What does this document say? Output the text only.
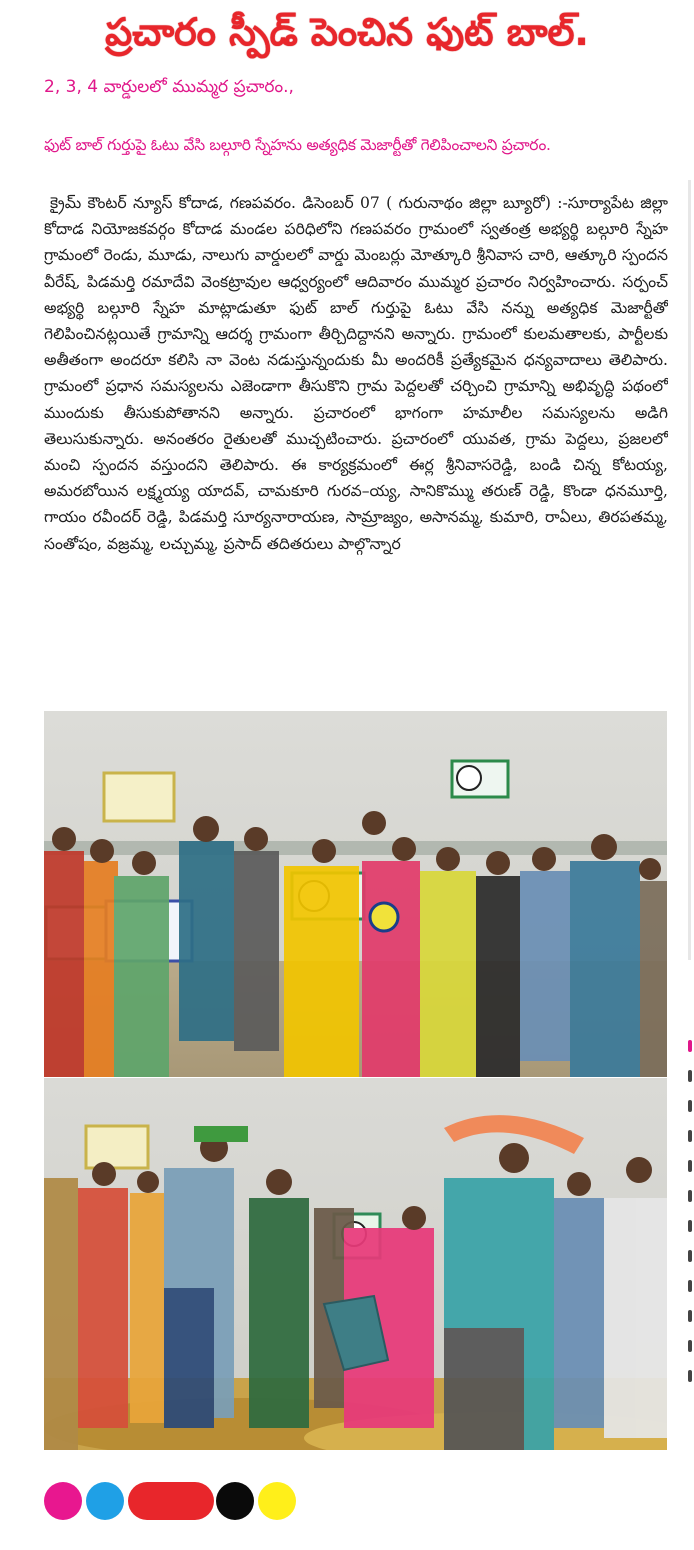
ప్రచారం స్పీడ్ పెంచిన ఫుట్ బాల్.

2, 3, 4 వార్డులలో ముమ్మర ప్రచారం.,

ఫుట్ బాల్ గుర్తుపై ఓటు వేసి బల్గూరి స్నేహను అత్యధిక మెజార్టీతో గెలిపించాలని ప్రచారం.

క్రైమ్ కౌంటర్ న్యూస్ కోదాడ, గణపవరం. డిసెంబర్ 07 ( గురునాథం జిల్లా బ్యూరో) :-సూర్యాపేట జిల్లా కోదాడ నియోజకవర్గం కోదాడ మండల పరిధిలోని గణపవరం గ్రామంలో స్వతంత్ర అభ్యర్థి బల్గూరి స్నేహ గ్రామంలో రెండు, మూడు, నాలుగు వార్డులలో వార్డు మెంబర్లు మోత్కూరి శ్రీనివాస చారి, ఆత్కూరి స్పందన వీరేష్, పిడమర్తి రమాదేవి వెంకట్రావుల ఆధ్వర్యంలో ఆదివారం ముమ్మర ప్రచారం నిర్వహించారు. సర్పంచ్ అభ్యర్థి బల్గూరి స్నేహ మాట్లాడుతూ ఫుట్ బాల్ గుర్తుపై ఓటు వేసి నన్ను అత్యధిక మెజార్టీతో గెలిపించినట్లయితే గ్రామాన్ని ఆదర్శ గ్రామంగా తీర్చిదిద్దానని అన్నారు. గ్రామంలో కులమతాలకు, పార్టీలకు అతీతంగా అందరూ కలిసి నా వెంట నడుస్తున్నందుకు మీ అందరికీ ప్రత్యేకమైన ధన్యవాదాలు తెలిపారు. గ్రామంలో ప్రధాన సమస్యలను ఎజెండాగా తీసుకొని గ్రామ పెద్దలతో చర్చించి గ్రామాన్ని అభివృద్ధి పథంలో ముందుకు తీసుకుపోతానని అన్నారు. ప్రచారంలో భాగంగా హమాలీల సమస్యలను అడిగి తెలుసుకున్నారు. అనంతరం రైతులతో ముచ్చటించారు. ప్రచారంలో యువత, గ్రామ పెద్దలు, ప్రజలలో మంచి స్పందన వస్తుందని తెలిపారు. ఈ కార్యక్రమంలో ఈర్ల శ్రీనివాసరెడ్డి, బండి చిన్న కోటయ్య, అమరబోయిన లక్ష్మయ్య యాదవ్, చామకూరి గురవ–య్య, సానికొమ్ము తరుణ్ రెడ్డి, కొండా ధనమూర్తి, గాయం రవీందర్ రెడ్డి, పిడమర్తి సూర్యనారాయణ, సామ్రాజ్యం, అసానమ్మ, కుమారి, రాఏలు, తిరపతమ్మ, సంతోషం, వజ్రమ్మ, లచ్చుమ్మ, ప్రసాద్ తదితరులు పాల్గొన్నార
